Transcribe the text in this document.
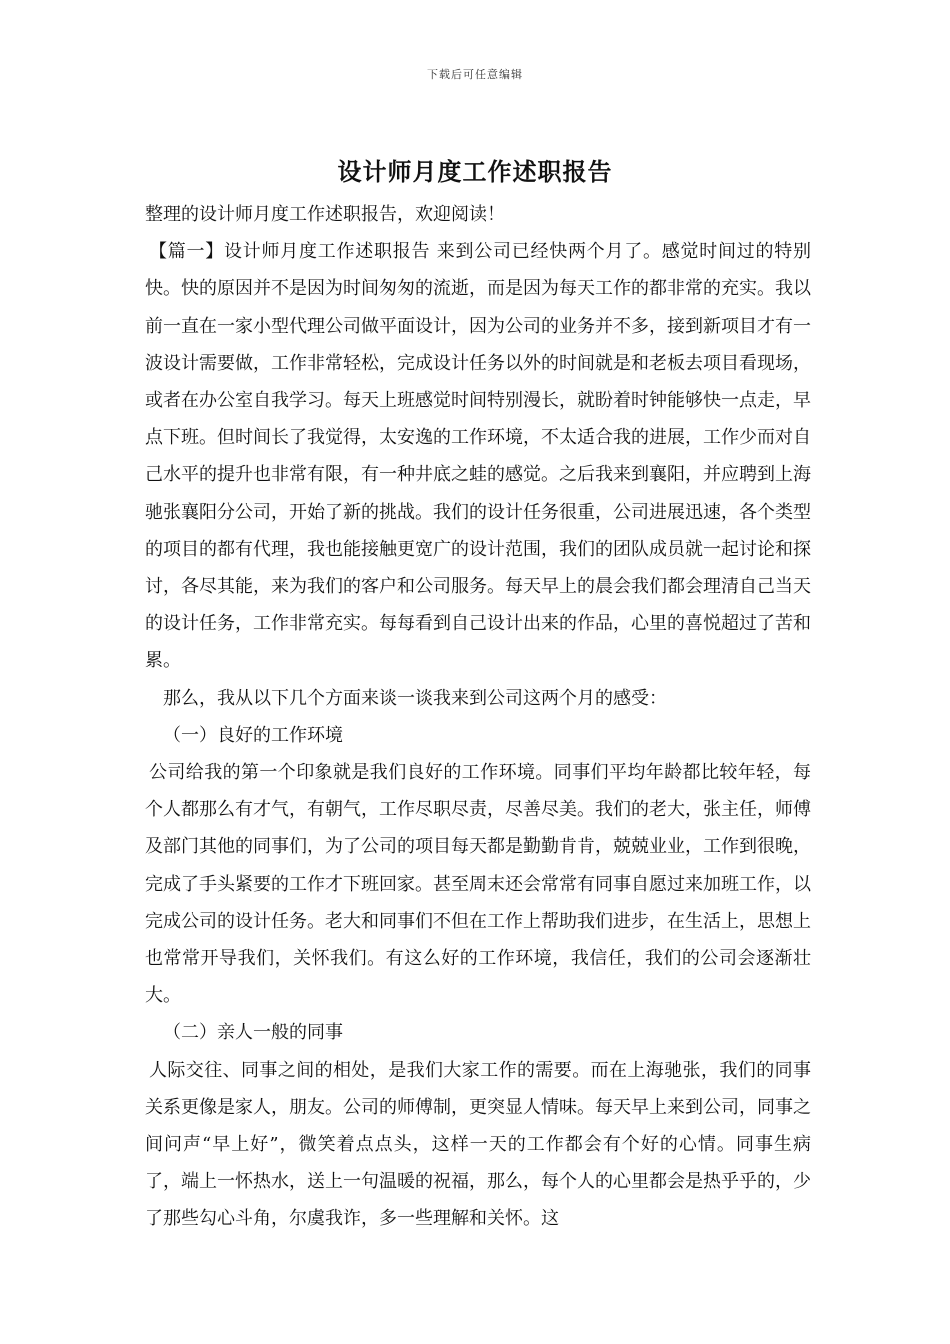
下载后可任意编辑
设计师月度工作述职报告

整理的设计师月度工作述职报告，欢迎阅读！

【篇一】设计师月度工作述职报告 来到公司已经快两个月了。感觉时间过的特别快。快的原因并不是因为时间匆匆的流逝，而是因为每天工作的都非常的充实。我以前一直在一家小型代理公司做平面设计，因为公司的业务并不多，接到新项目才有一波设计需要做，工作非常轻松，完成设计任务以外的时间就是和老板去项目看现场，或者在办公室自我学习。每天上班感觉时间特别漫长，就盼着时钟能够快一点走，早点下班。但时间长了我觉得，太安逸的工作环境，不太适合我的进展，工作少而对自己水平的提升也非常有限，有一种井底之蛙的感觉。之后我来到襄阳，并应聘到上海驰张襄阳分公司，开始了新的挑战。我们的设计任务很重，公司进展迅速，各个类型的项目的都有代理，我也能接触更宽广的设计范围，我们的团队成员就一起讨论和探讨，各尽其能，来为我们的客户和公司服务。每天早上的晨会我们都会理清自己当天的设计任务，工作非常充实。每每看到自己设计出来的作品，心里的喜悦超过了苦和累。

那么，我从以下几个方面来谈一谈我来到公司这两个月的感受：

（一）良好的工作环境

公司给我的第一个印象就是我们良好的工作环境。同事们平均年龄都比较年轻，每个人都那么有才气，有朝气，工作尽职尽责，尽善尽美。我们的老大，张主任，师傅及部门其他的同事们，为了公司的项目每天都是勤勤肯肯，兢兢业业，工作到很晚，完成了手头紧要的工作才下班回家。甚至周末还会常常有同事自愿过来加班工作，以完成公司的设计任务。老大和同事们不但在工作上帮助我们进步，在生活上，思想上也常常开导我们，关怀我们。有这么好的工作环境，我信任，我们的公司会逐渐壮大。

（二）亲人一般的同事

人际交往、同事之间的相处，是我们大家工作的需要。而在上海驰张，我们的同事关系更像是家人，朋友。公司的师傅制，更突显人情味。每天早上来到公司，同事之间问声“早上好”，微笑着点点头，这样一天的工作都会有个好的心情。同事生病了，端上一怀热水，送上一句温暖的祝福，那么，每个人的心里都会是热乎乎的，少了那些勾心斗角，尔虞我诈，多一些理解和关怀。这
